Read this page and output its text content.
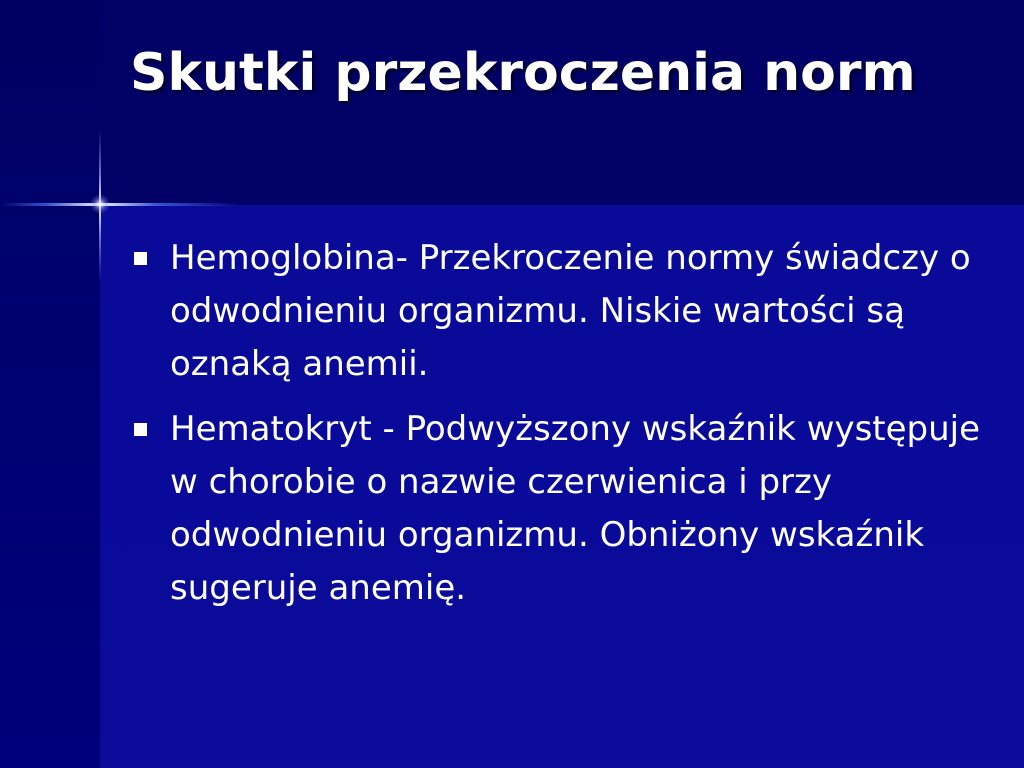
Skutki przekroczenia norm
Hemoglobina- Przekroczenie normy świadczy o odwodnieniu organizmu. Niskie wartości są oznaką anemii.
Hematokryt - Podwyższony wskaźnik występuje w chorobie o nazwie czerwienica i przy odwodnieniu organizmu. Obniżony wskaźnik sugeruje anemię.
